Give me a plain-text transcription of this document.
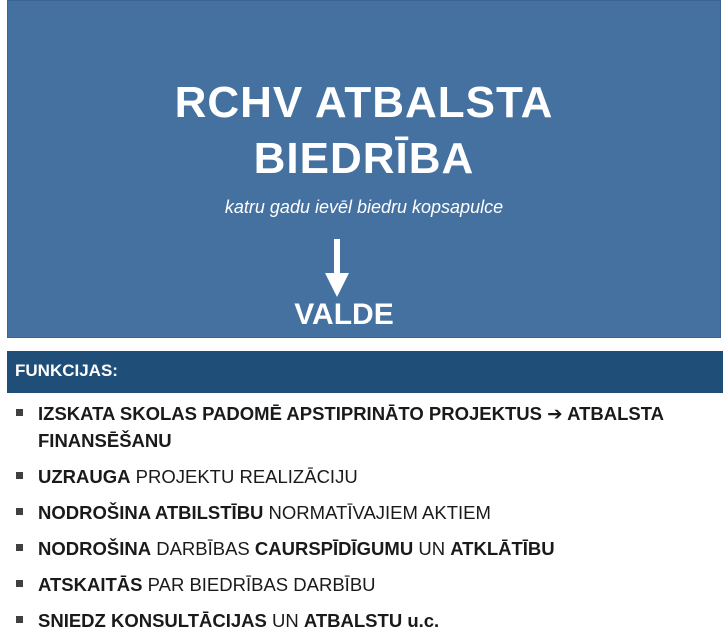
RCHV ATBALSTA
BIEDRĪBA
katru gadu ievēl biedru kopsapulce
VALDE
FUNKCIJAS:
IZSKATA SKOLAS PADOMĒ APSTIPRINĀTO PROJEKTUS ➔ ATBALSTA FINANSĒŠANU
UZRAUGA PROJEKTU REALIZĀCIJU
NODROŠINA ATBILSTĪBU NORMATĪVAJIEM AKTIEM
NODROŠINA DARBĪBAS CAURSPĪDĪGUMU UN ATKLĀTĪBU
ATSKAITĀS PAR BIEDRĪBAS DARBĪBU
SNIEDZ KONSULTĀCIJAS UN ATBALSTU u.c.
